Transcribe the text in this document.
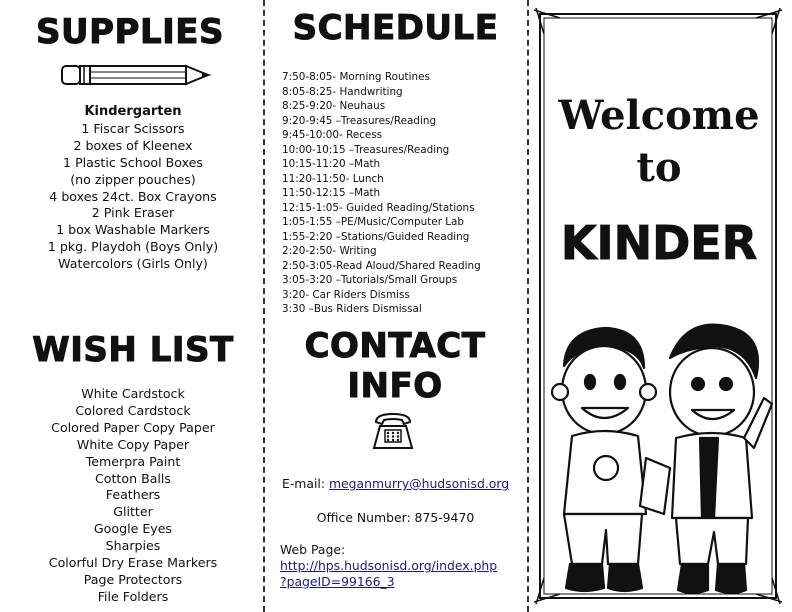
SUPPLIES
Kindergarten
1 Fiscar Scissors
2 boxes of Kleenex
1 Plastic School Boxes
(no zipper pouches)
4 boxes 24ct. Box Crayons
2 Pink Eraser
1 box Washable Markers
1 pkg. Playdoh (Boys Only)
Watercolors (Girls Only)
WISH LIST
White Cardstock
Colored Cardstock
Colored Paper Copy Paper
White Copy Paper
Temerpra Paint
Cotton Balls
Feathers
Glitter
Google Eyes
Sharpies
Colorful Dry Erase Markers
Page Protectors
File Folders
SCHEDULE
7:50-8:05- Morning Routines
8:05-8:25- Handwriting
8:25-9:20- Neuhaus
9:20-9:45 –Treasures/Reading
9:45-10:00- Recess
10:00-10:15 –Treasures/Reading
10:15-11:20 –Math
11:20-11:50- Lunch
11:50-12:15 –Math
12:15-1:05- Guided Reading/Stations
1:05-1:55 –PE/Music/Computer Lab
1:55-2:20 –Stations/Guided Reading
2:20-2:50- Writing
2:50-3:05-Read Aloud/Shared Reading
3:05-3:20 –Tutorials/Small Groups
3:20- Car Riders Dismiss
3:30 –Bus Riders Dismissal
CONTACT
INFO
E-mail: meganmurry@hudsonisd.org
Office Number: 875-9470
Web Page:
http://hps.hudsonisd.org/index.php
?pageID=99166_3
Welcome
to
KINDER
